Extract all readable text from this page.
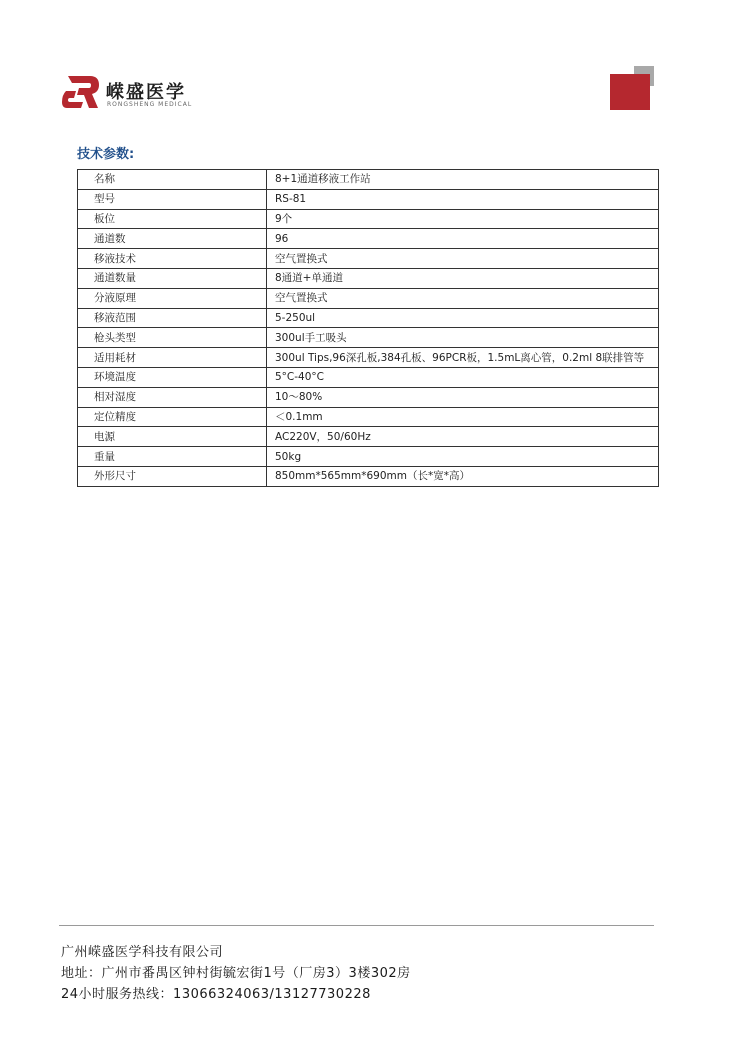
嵘盛医学
RONGSHENG MEDICAL
技术参数:
名称	8+1通道移液工作站
型号	RS-81
板位	9个
通道数	96
移液技术	空气置换式
通道数量	8通道+单通道
分液原理	空气置换式
移液范围	5-250ul
枪头类型	300ul手工吸头
适用耗材	300ul Tips,96深孔板,384孔板、96PCR板，1.5mL离心管，0.2ml 8联排管等
环境温度	5°C-40°C
相对湿度	10～80%
定位精度	＜0.1mm
电源	AC220V，50/60Hz
重量	50kg
外形尺寸	850mm*565mm*690mm（长*宽*高）
广州嵘盛医学科技有限公司
地址：广州市番禺区钟村街毓宏街1号（厂房3）3楼302房
24小时服务热线：13066324063/13127730228
